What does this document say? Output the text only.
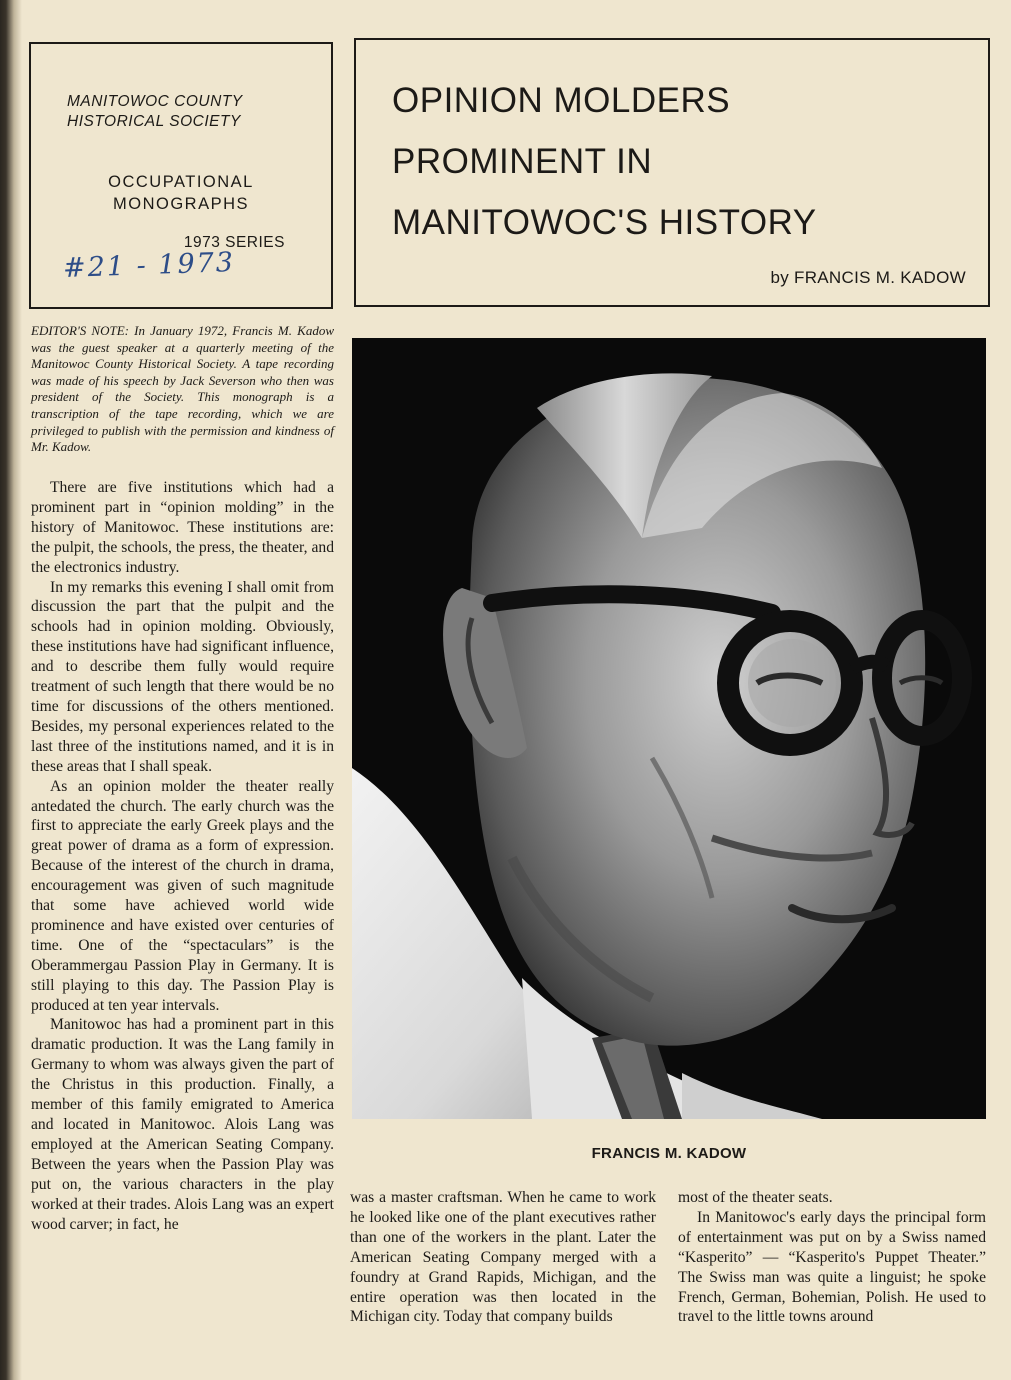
MANITOWOC COUNTY
HISTORICAL SOCIETY
OCCUPATIONAL
MONOGRAPHS
1973 SERIES
#21 - 1973
OPINION MOLDERS
PROMINENT IN
MANITOWOC'S HISTORY
by FRANCIS M. KADOW

EDITOR'S NOTE: In January 1972, Francis M. Kadow was the guest speaker at a quarterly meeting of the Manitowoc County Historical Society. A tape recording was made of his speech by Jack Severson who then was president of the Society. This monograph is a transcription of the tape recording, which we are privileged to publish with the permission and kindness of Mr. Kadow.

There are five institutions which had a prominent part in “opinion molding” in the history of Manitowoc. These institutions are: the pulpit, the schools, the press, the theater, and the electronics industry.

In my remarks this evening I shall omit from discussion the part that the pulpit and the schools had in opinion molding. Obviously, these institutions have had significant influence, and to describe them fully would require treatment of such length that there would be no time for discussions of the others mentioned. Besides, my personal experiences related to the last three of the institutions named, and it is in these areas that I shall speak.

As an opinion molder the theater really antedated the church. The early church was the first to appreciate the early Greek plays and the great power of drama as a form of expression. Because of the interest of the church in drama, encouragement was given of such magnitude that some have achieved world wide prominence and have existed over centuries of time. One of the “spectaculars” is the Oberammergau Passion Play in Germany. It is still playing to this day. The Passion Play is produced at ten year intervals.

Manitowoc has had a prominent part in this dramatic production. It was the Lang family in Germany to whom was always given the part of the Christus in this production. Finally, a member of this family emigrated to America and located in Manitowoc. Alois Lang was employed at the American Seating Company. Between the years when the Passion Play was put on, the various characters in the play worked at their trades. Alois Lang was an expert wood carver; in fact, he

FRANCIS M. KADOW

was a master craftsman. When he came to work he looked like one of the plant executives rather than one of the workers in the plant. Later the American Seating Company merged with a foundry at Grand Rapids, Michigan, and the entire operation was then located in the Michigan city. Today that company builds

most of the theater seats.

In Manitowoc's early days the principal form of entertainment was put on by a Swiss named “Kasperito” — “Kasperito's Puppet Theater.” The Swiss man was quite a linguist; he spoke French, German, Bohemian, Polish. He used to travel to the little towns around
